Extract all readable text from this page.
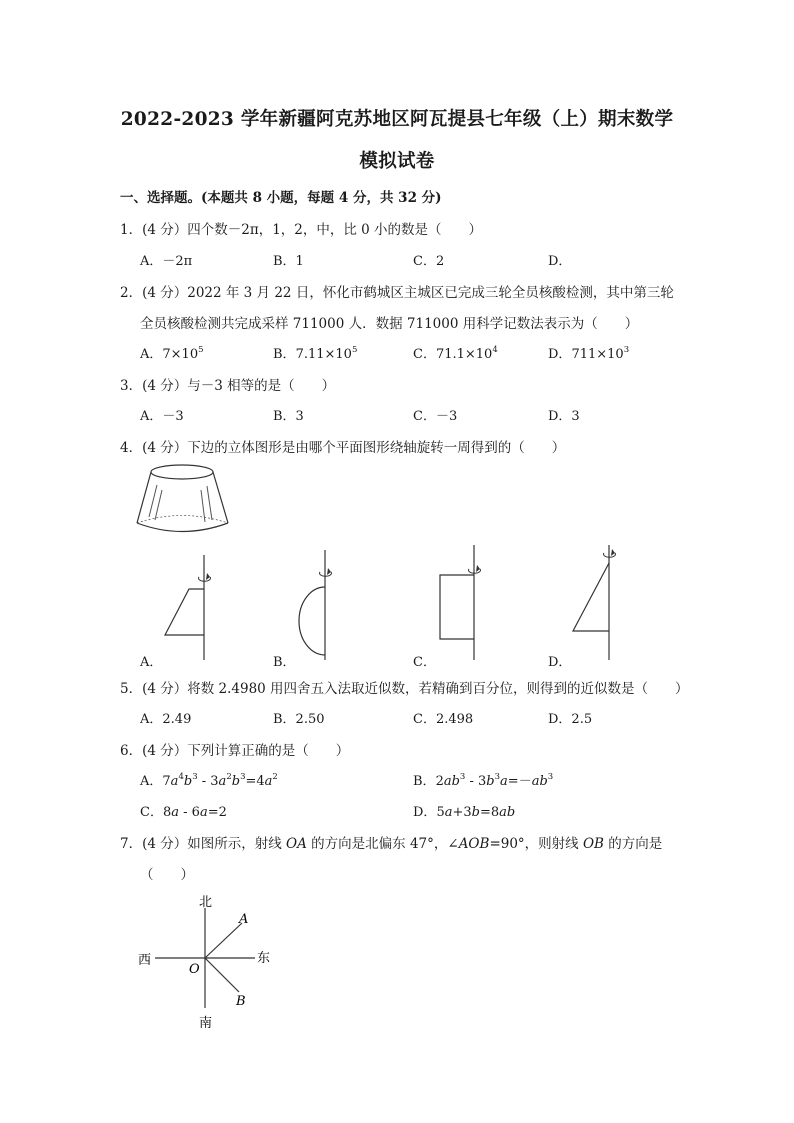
2022-2023 学年新疆阿克苏地区阿瓦提县七年级（上）期末数学
模拟试卷
一、选择题。(本题共 8 小题，每题 4 分，共 32 分)
1．(4 分）四个数－2π，1，2，中，比 0 小的数是（　　）
A．－2π	B．1	C．2	D．
2．(4 分）2022 年 3 月 22 日，怀化市鹤城区主城区已完成三轮全员核酸检测，其中第三轮
全员核酸检测共完成采样 711000 人．数据 711000 用科学记数法表示为（　　）
A．$7\times 10^5$	B．$7.11\times 10^5$	C．$71.1\times 10^4$	D．$711\times 10^3$
3．(4 分）与－3 相等的是（　　）
A．－3	B．3	C．－3	D．3
4．(4 分）下边的立体图形是由哪个平面图形绕轴旋转一周得到的（　　）
A．	B．	C．	D．
5．(4 分）将数 2.4980 用四舍五入法取近似数，若精确到百分位，则得到的近似数是（　　）
A．2.49	B．2.50	C．2.498	D．2.5
6．(4 分）下列计算正确的是（　　）
A．$7a^4b^3 - 3a^2b^3=4a^2$	B．$2ab^3 - 3b^3a=-ab^3$
C．8a - 6a=2	D．5a+3b=8ab
7．(4 分）如图所示，射线 OA 的方向是北偏东 47°，∠AOB=90°，则射线 OB 的方向是
（　　）
北
南
东
西
A
B
O
